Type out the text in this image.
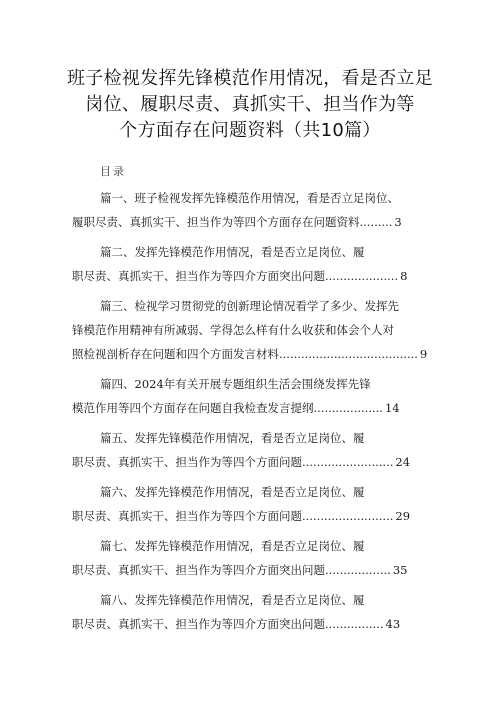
班子检视发挥先锋模范作用情况，看是否立足
岗位、履职尽责、真抓实干、担当作为等
个方面存在问题资料（共10篇）
目录
篇一、班子检视发挥先锋模范作用情况，看是否立足岗位、
履职尽责、真抓实干、担当作为等四个方面存在问题资料......... 3
篇二、发挥先锋模范作用情况，看是否立足岗位、履
职尽责、真抓实干、担当作为等四介方面突出问题.................... 8
篇三、检视学习贯彻党的创新理论情况看学了多少、发挥先
锋模范作用精神有所减弱、学得怎么样有什么收获和体会个人对
照检视剖析存在问题和四个方面发言材料...................................... 9
篇四、2024年有关开展专题组织生活会围绕发挥先锋
模范作用等四个方面存在问题自我检查发言提纲................... 14
篇五、发挥先锋模范作用情况，看是否立足岗位、履
职尽责、真抓实干、担当作为等四个方面问题......................... 24
篇六、发挥先锋模范作用情况，看是否立足岗位、履
职尽责、真抓实干、担当作为等四个方面问题......................... 29
篇七、发挥先锋模范作用情况，看是否立足岗位、履
职尽责、真抓实干、担当作为等四介方面突出问题.................. 35
篇八、发挥先锋模范作用情况，看是否立足岗位、履
职尽责、真抓实干、担当作为等四介方面突出问题................ 43
